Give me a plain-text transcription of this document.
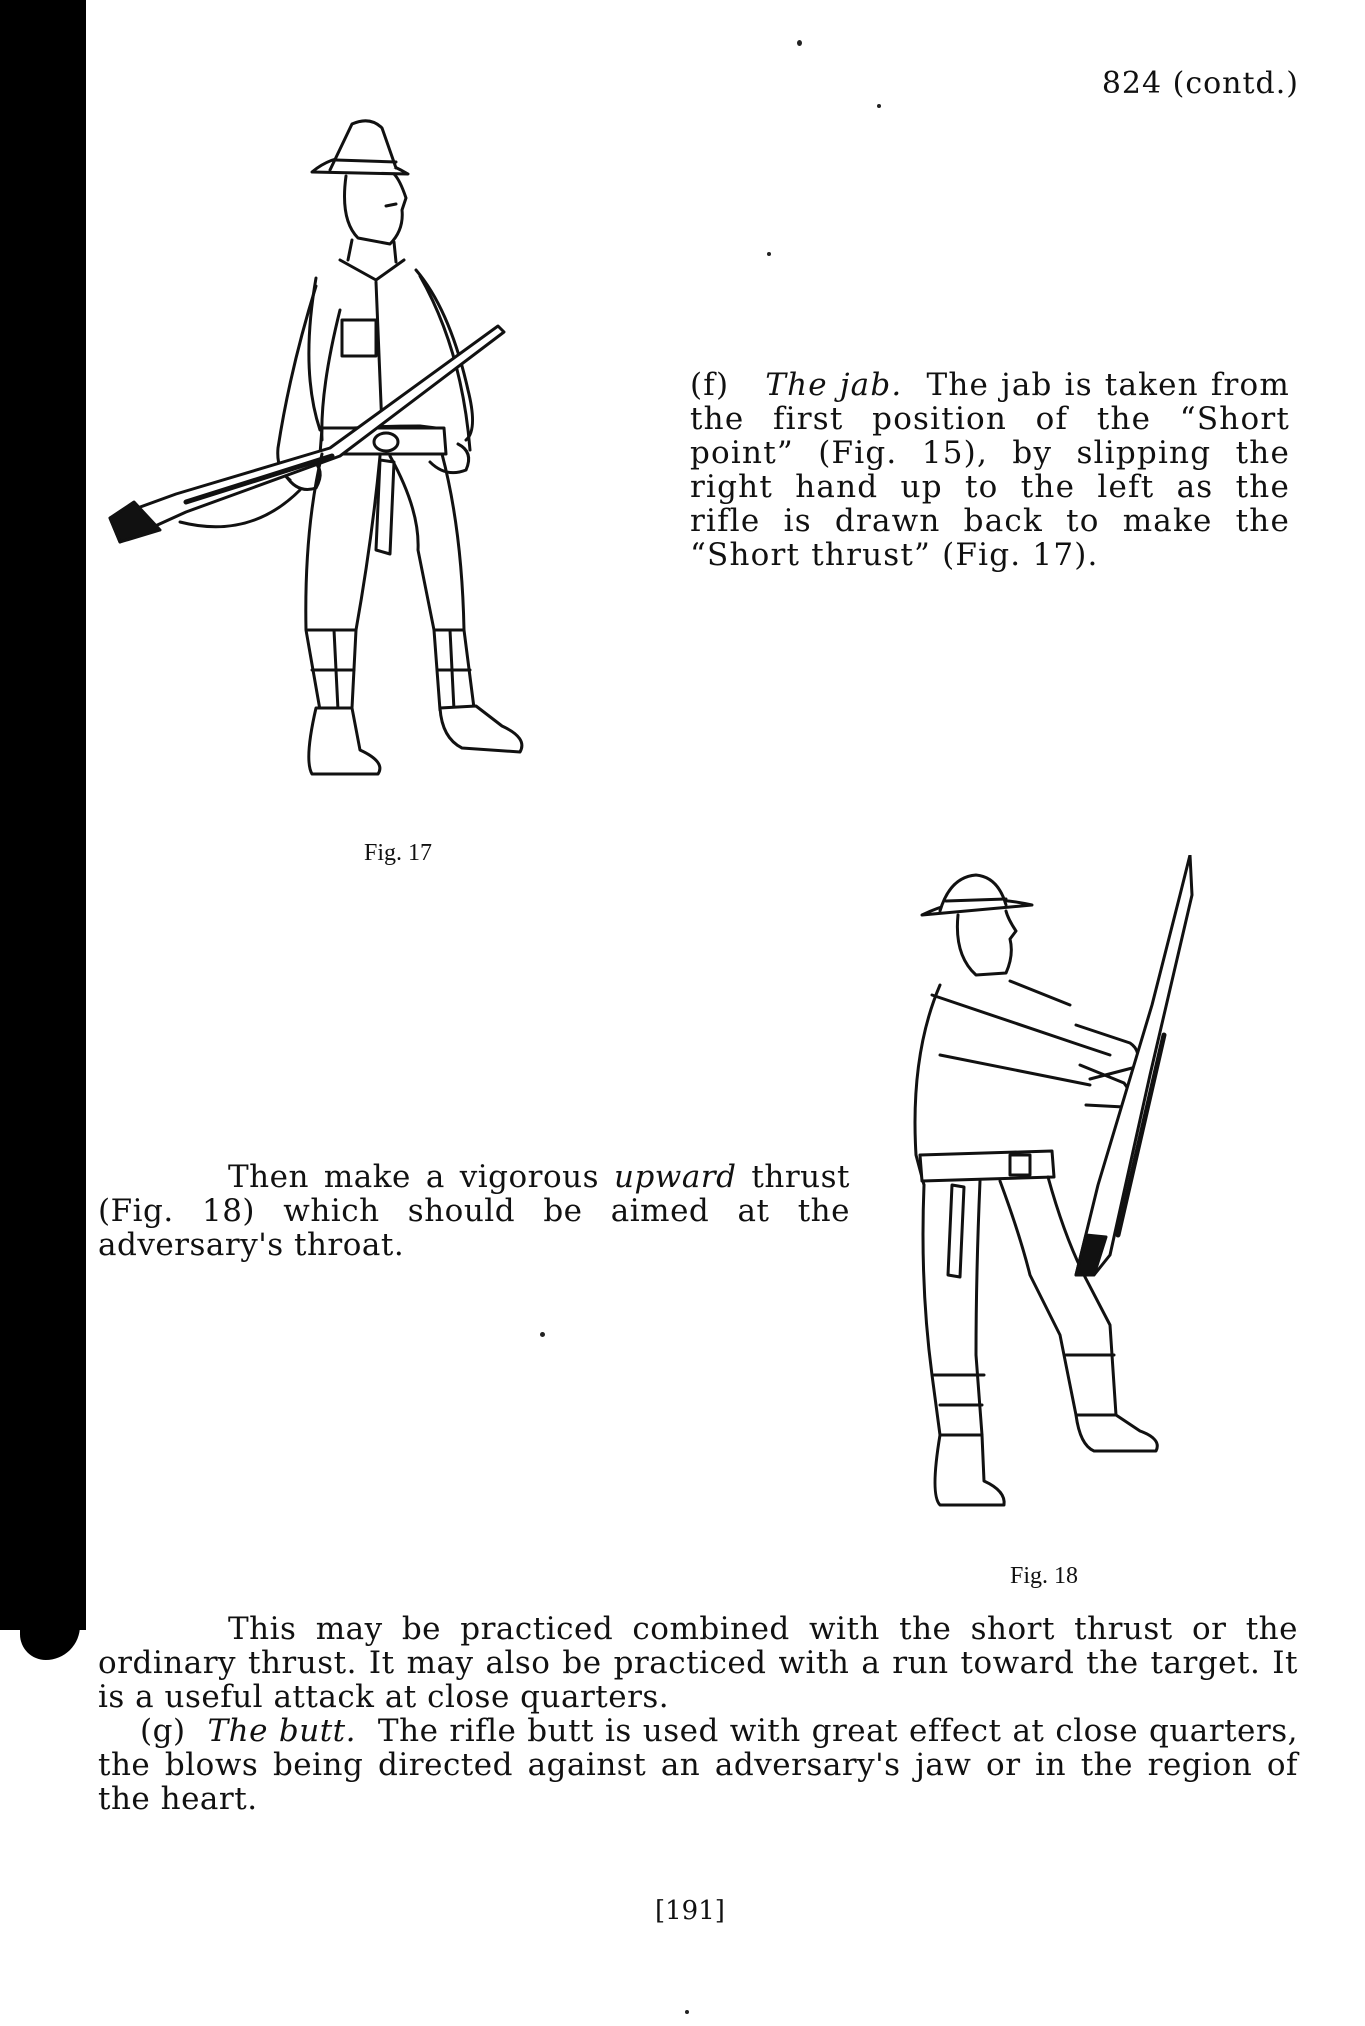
824 (contd.)
Fig. 17

(f) The jab. The jab is taken from the first position of the “Short point” (Fig. 15), by slipping the right hand up to the left as the rifle is drawn back to make the “Short thrust” (Fig. 17).

Fig. 18

Then make a vigorous upward thrust (Fig. 18) which should be aimed at the adversary's throat.

This may be practiced combined with the short thrust or the ordinary thrust. It may also be practiced with a run toward the target. It is a useful attack at close quarters.

(g) The butt. The rifle butt is used with great effect at close quarters, the blows being directed against an adversary's jaw or in the region of the heart.

[191]
